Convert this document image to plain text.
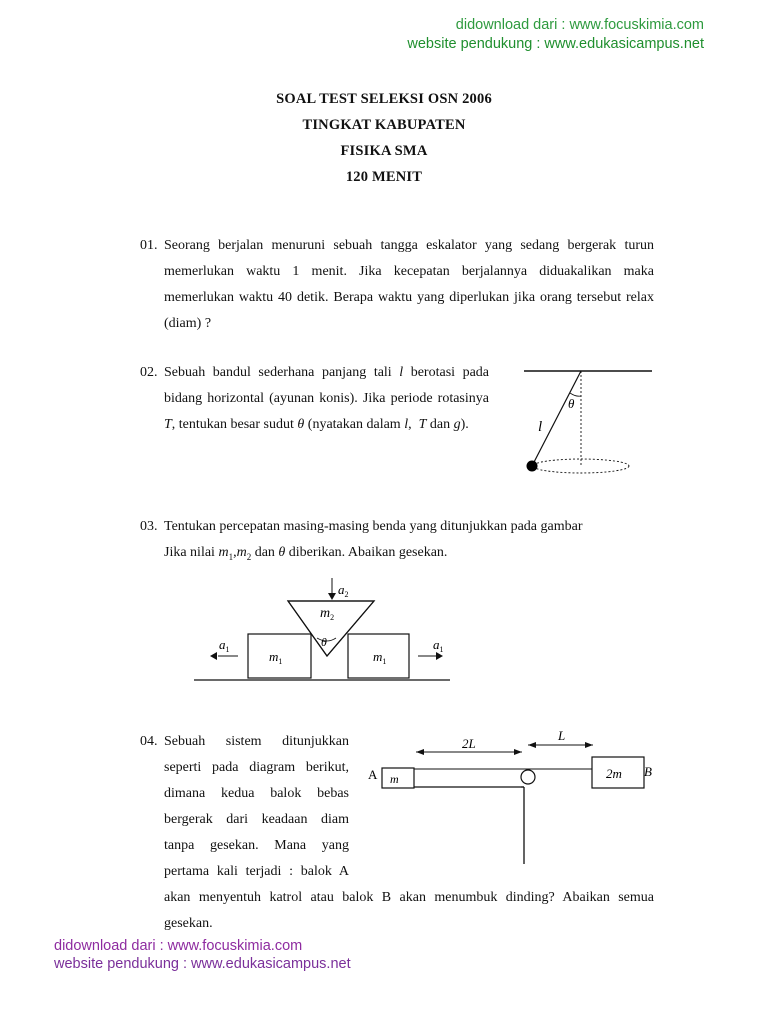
didownload dari : www.focuskimia.com
website pendukung : www.edukasicampus.net
SOAL TEST SELEKSI OSN 2006
TINGKAT KABUPATEN
FISIKA SMA
120 MENIT
01. Seorang berjalan menuruni sebuah tangga eskalator yang sedang bergerak turun memerlukan waktu 1 menit. Jika kecepatan berjalannya diduakalikan maka memerlukan waktu 40 detik. Berapa waktu yang diperlukan jika orang tersebut relax (diam) ?
02. Sebuah bandul sederhana panjang tali l berotasi pada bidang horizontal (ayunan konis). Jika periode rotasinya T, tentukan besar sudut θ (nyatakan dalam l,  T dan g).
θ
l
03. Tentukan percepatan masing-masing benda yang ditunjukkan pada gambar
Jika nilai $m_1,m_2$ dan θ diberikan. Abaikan gesekan.
$a_2$
$m_2$
θ
$m_1$	$m_1$
$a_1$	$a_1$
04. Sebuah sistem ditunjukkan
seperti pada diagram berikut,
dimana kedua balok bebas
bergerak dari keadaan diam
tanpa gesekan. Mana yang
pertama kali terjadi : balok A
akan menyentuh katrol atau balok B akan menumbuk dinding? Abaikan semua
gesekan.
2L
L
m
A	2m B
didownload dari : www.focuskimia.com
website pendukung : www.edukasicampus.net
